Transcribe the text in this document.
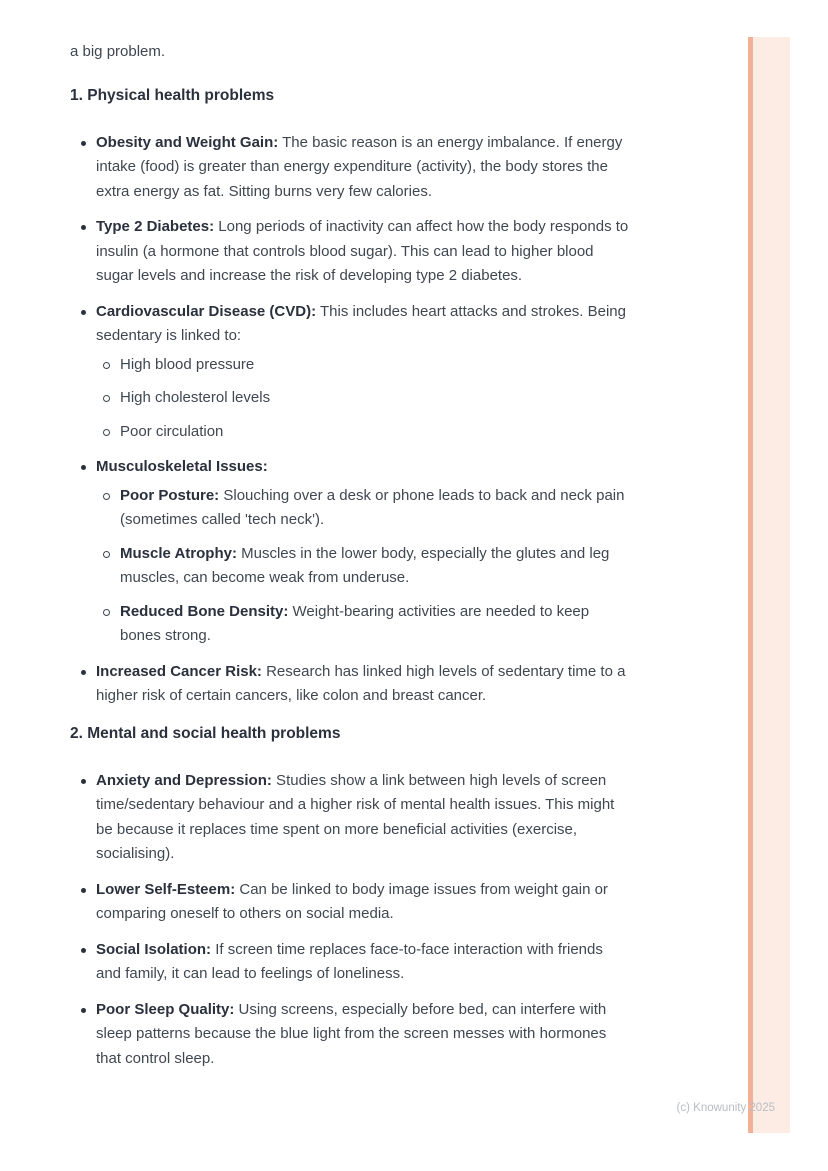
(c) Knowunity 2025

a big problem.

1. Physical health problems
Obesity and Weight Gain: The basic reason is an energy imbalance. If energy intake (food) is greater than energy expenditure (activity), the body stores the extra energy as fat. Sitting burns very few calories.
Type 2 Diabetes: Long periods of inactivity can affect how the body responds to insulin (a hormone that controls blood sugar). This can lead to higher blood sugar levels and increase the risk of developing type 2 diabetes.
Cardiovascular Disease (CVD): This includes heart attacks and strokes. Being sedentary is linked to:
High blood pressure
High cholesterol levels
Poor circulation
Musculoskeletal Issues:
Poor Posture: Slouching over a desk or phone leads to back and neck pain (sometimes called 'tech neck').
Muscle Atrophy: Muscles in the lower body, especially the glutes and leg muscles, can become weak from underuse.
Reduced Bone Density: Weight-bearing activities are needed to keep bones strong.
Increased Cancer Risk: Research has linked high levels of sedentary time to a higher risk of certain cancers, like colon and breast cancer.
2. Mental and social health problems
Anxiety and Depression: Studies show a link between high levels of screen time/sedentary behaviour and a higher risk of mental health issues. This might be because it replaces time spent on more beneficial activities (exercise, socialising).
Lower Self-Esteem: Can be linked to body image issues from weight gain or comparing oneself to others on social media.
Social Isolation: If screen time replaces face-to-face interaction with friends and family, it can lead to feelings of loneliness.
Poor Sleep Quality: Using screens, especially before bed, can interfere with sleep patterns because the blue light from the screen messes with hormones that control sleep.
